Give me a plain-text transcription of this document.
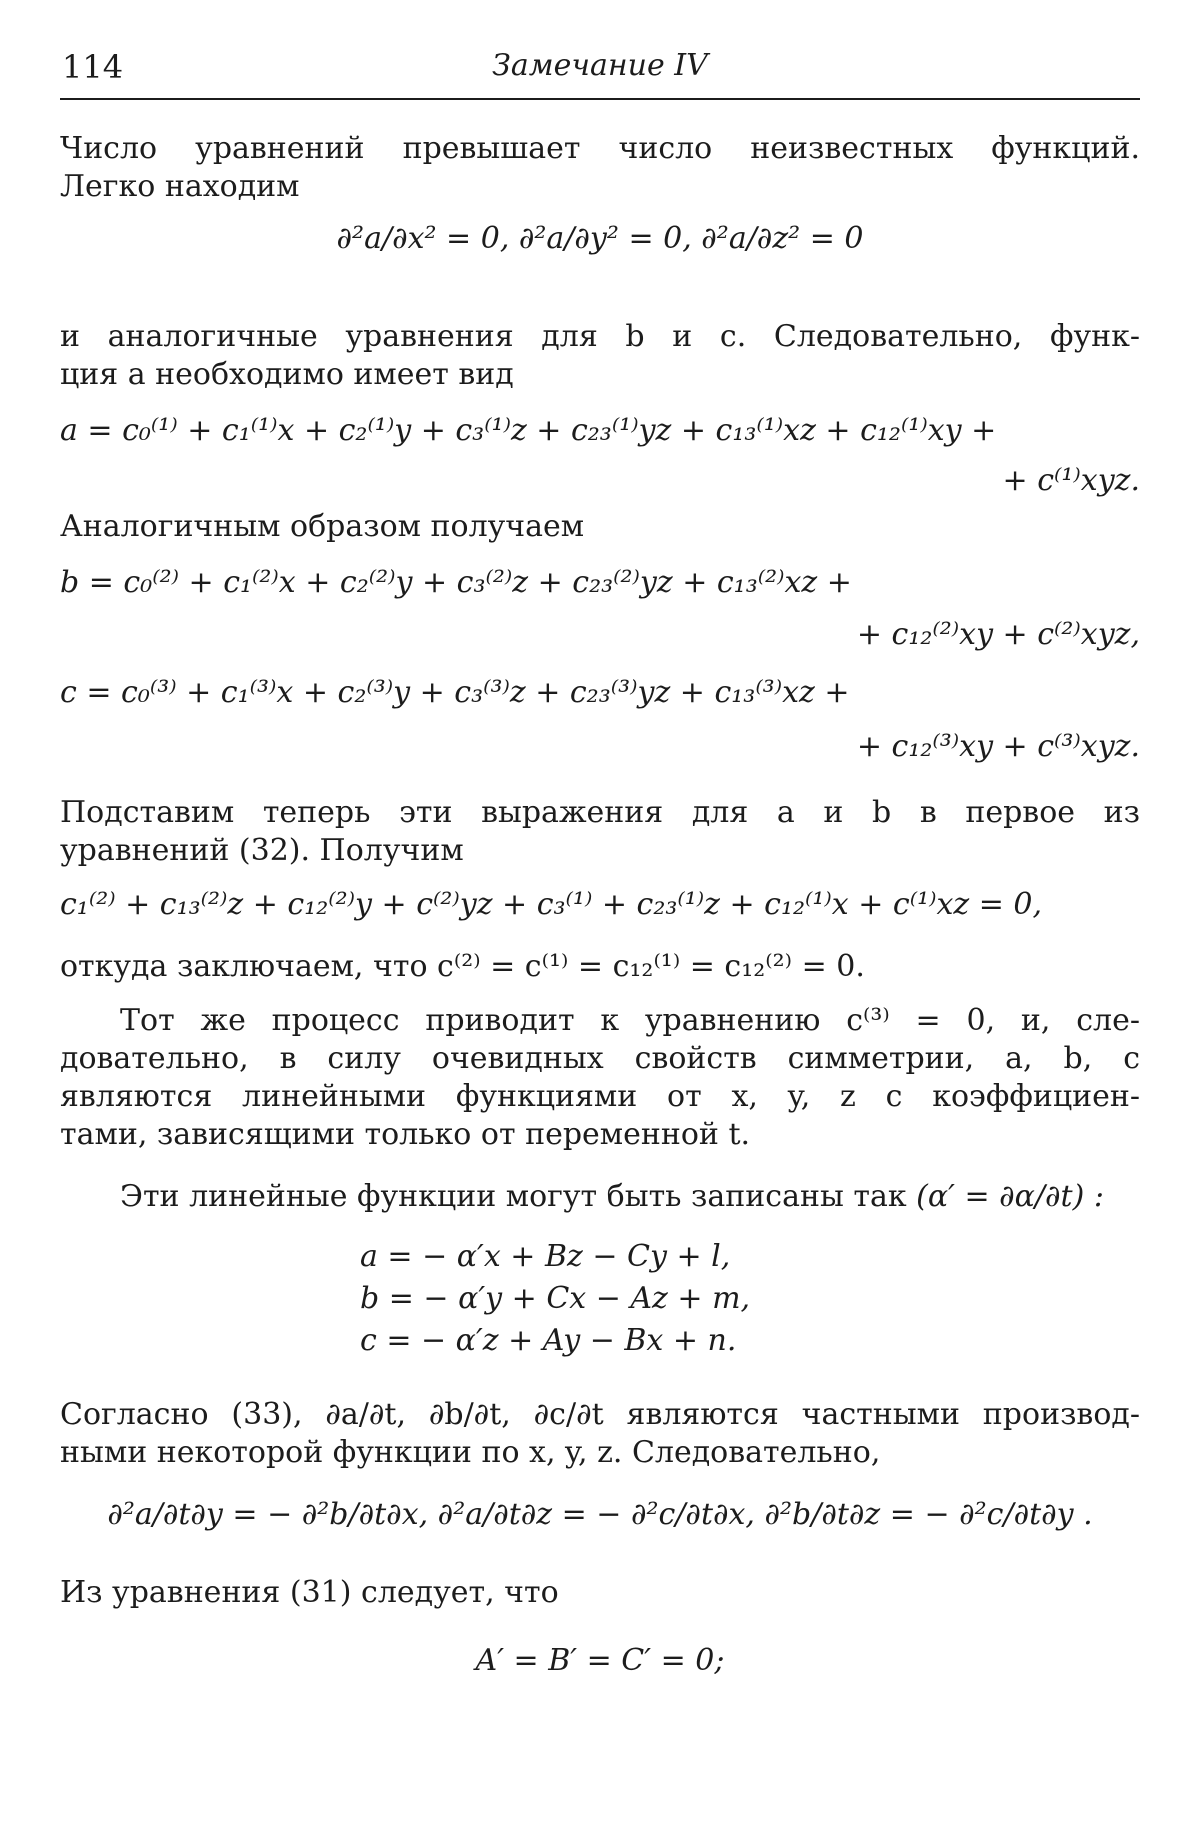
114	Замечание IV
Число уравнений превышает число неизвестных функций.
Легко находим
∂²a/∂x² = 0, ∂²a/∂y² = 0, ∂²a/∂z² = 0
и аналогичные уравнения для b и c. Следовательно, функ-
ция a необходимо имеет вид
a = c₀⁽¹⁾ + c₁⁽¹⁾x + c₂⁽¹⁾y + c₃⁽¹⁾z + c₂₃⁽¹⁾yz + c₁₃⁽¹⁾xz + c₁₂⁽¹⁾xy +
+ c⁽¹⁾xyz.
Аналогичным образом получаем
b = c₀⁽²⁾ + c₁⁽²⁾x + c₂⁽²⁾y + c₃⁽²⁾z + c₂₃⁽²⁾yz + c₁₃⁽²⁾xz +
+ c₁₂⁽²⁾xy + c⁽²⁾xyz,
c = c₀⁽³⁾ + c₁⁽³⁾x + c₂⁽³⁾y + c₃⁽³⁾z + c₂₃⁽³⁾yz + c₁₃⁽³⁾xz +
+ c₁₂⁽³⁾xy + c⁽³⁾xyz.
Подставим теперь эти выражения для a и b в первое из
уравнений (32). Получим
c₁⁽²⁾ + c₁₃⁽²⁾z + c₁₂⁽²⁾y + c⁽²⁾yz + c₃⁽¹⁾ + c₂₃⁽¹⁾z + c₁₂⁽¹⁾x + c⁽¹⁾xz = 0,
откуда заключаем, что c⁽²⁾ = c⁽¹⁾ = c₁₂⁽¹⁾ = c₁₂⁽²⁾ = 0.
Тот же процесс приводит к уравнению c⁽³⁾ = 0, и, сле-
довательно, в силу очевидных свойств симметрии, a, b, c
являются линейными функциями от x, y, z с коэффициен-
тами, зависящими только от переменной t.
Эти линейные функции могут быть записаны так (α′ = ∂α/∂t) :
a = − α′x + Bz − Cy + l,
b = − α′y + Cx − Az + m,
c = − α′z + Ay − Bx + n.
Согласно (33), ∂a/∂t, ∂b/∂t, ∂c/∂t являются частными производ-
ными некоторой функции по x, y, z. Следовательно,
∂²a/∂t∂y = − ∂²b/∂t∂x, ∂²a/∂t∂z = − ∂²c/∂t∂x, ∂²b/∂t∂z = − ∂²c/∂t∂y .
Из уравнения (31) следует, что
A′ = B′ = C′ = 0;
